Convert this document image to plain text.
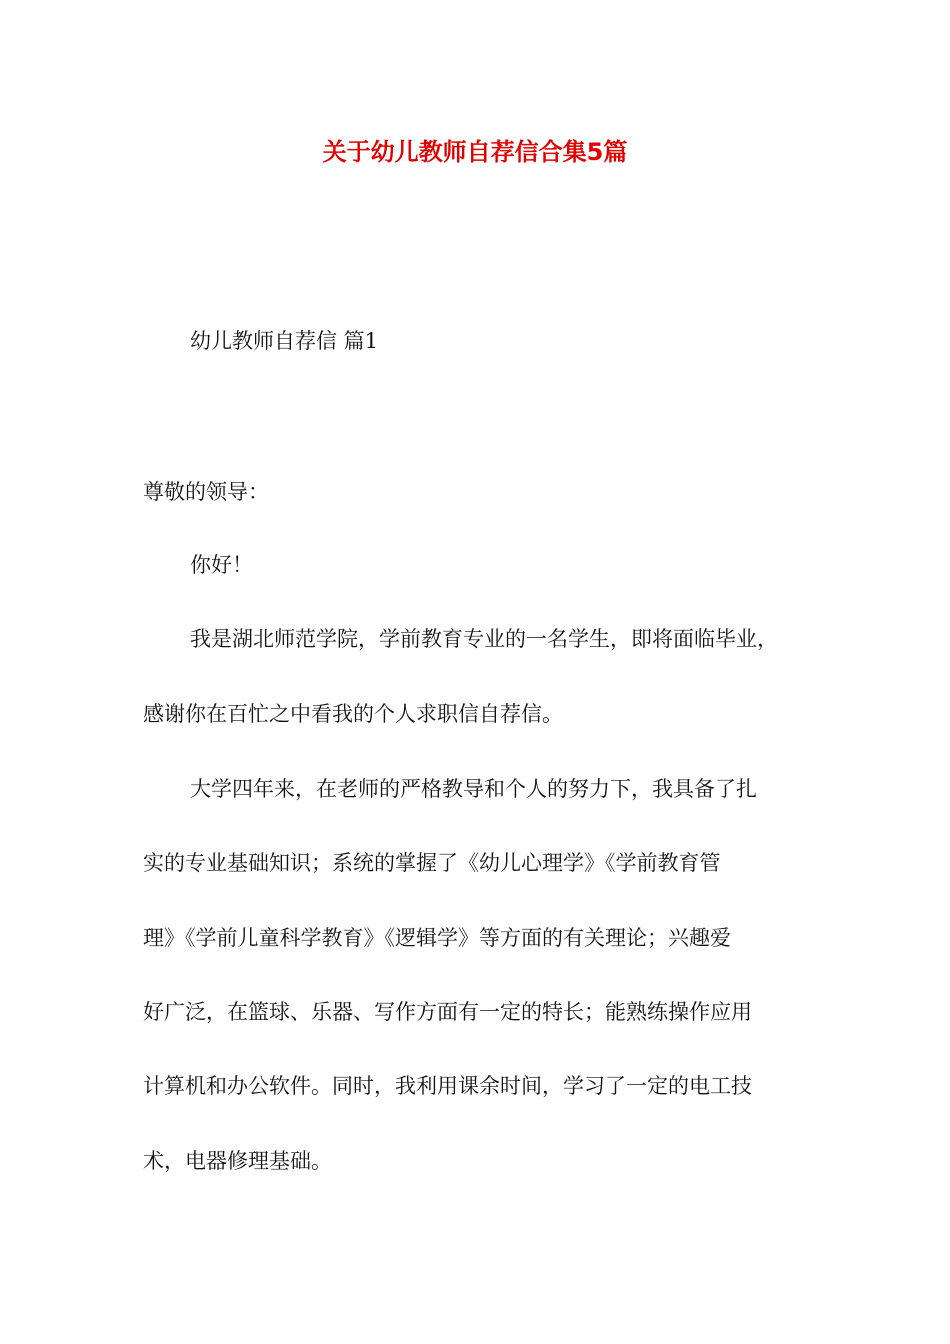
关于幼儿教师自荐信合集5篇
幼儿教师自荐信 篇1
尊敬的领导：
你好！
我是湖北师范学院，学前教育专业的一名学生，即将面临毕业，
感谢你在百忙之中看我的个人求职信自荐信。
大学四年来，在老师的严格教导和个人的努力下，我具备了扎
实的专业基础知识；系统的掌握了《幼儿心理学》《学前教育管
理》《学前儿童科学教育》《逻辑学》等方面的有关理论；兴趣爱
好广泛，在篮球、乐器、写作方面有一定的特长；能熟练操作应用
计算机和办公软件。同时，我利用课余时间，学习了一定的电工技
术，电器修理基础。
